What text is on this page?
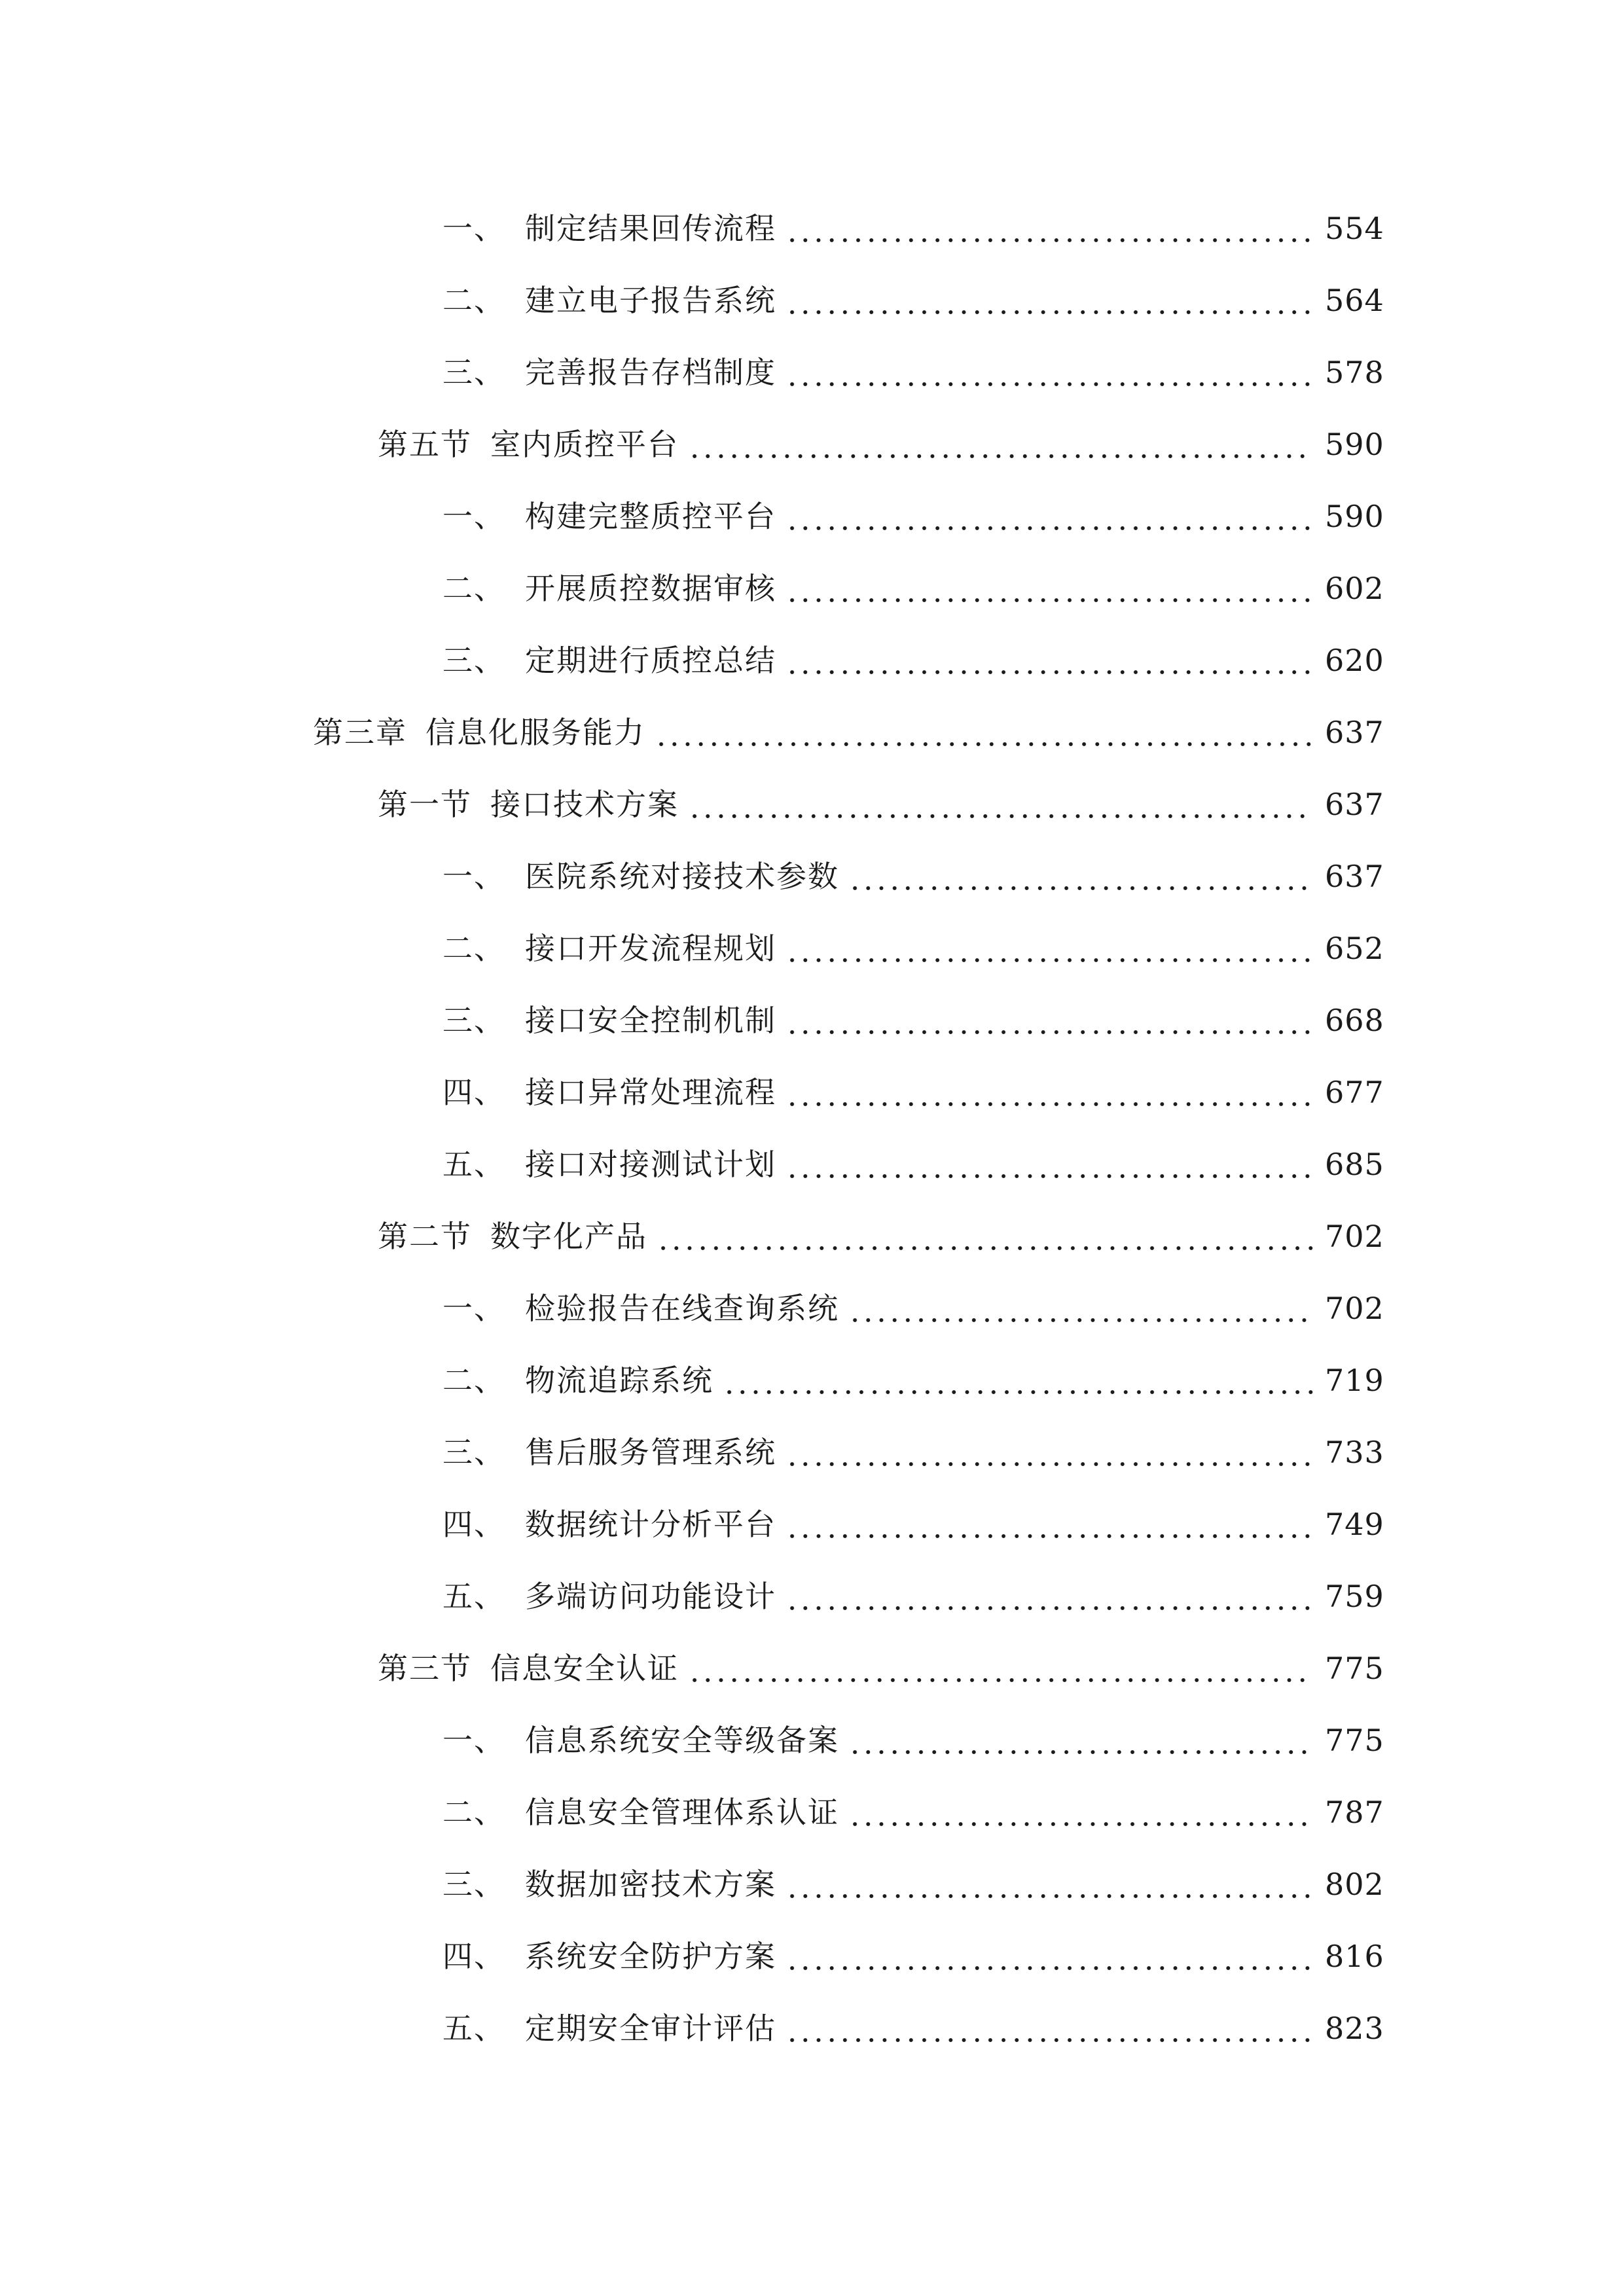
一、 制定结果回传流程	554
二、 建立电子报告系统	564
三、 完善报告存档制度	578
第五节 室内质控平台	590
一、 构建完整质控平台	590
二、 开展质控数据审核	602
三、 定期进行质控总结	620
第三章 信息化服务能力	637
第一节 接口技术方案	637
一、 医院系统对接技术参数	637
二、 接口开发流程规划	652
三、 接口安全控制机制	668
四、 接口异常处理流程	677
五、 接口对接测试计划	685
第二节 数字化产品	702
一、 检验报告在线查询系统	702
二、 物流追踪系统	719
三、 售后服务管理系统	733
四、 数据统计分析平台	749
五、 多端访问功能设计	759
第三节 信息安全认证	775
一、 信息系统安全等级备案	775
二、 信息安全管理体系认证	787
三、 数据加密技术方案	802
四、 系统安全防护方案	816
五、 定期安全审计评估	823
